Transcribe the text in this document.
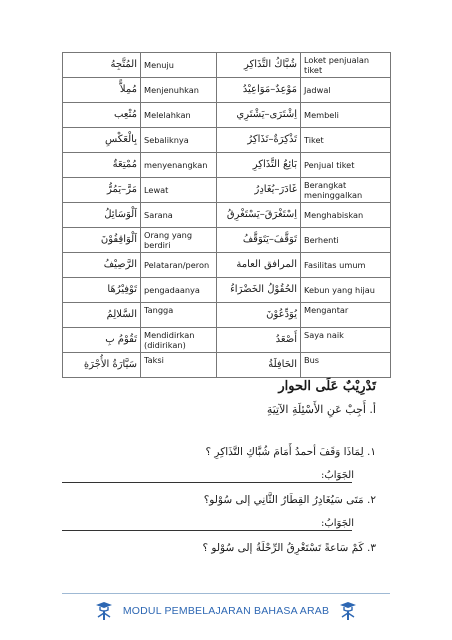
المُتَّجِهُ	Menuju	شُبَّاكُ التَّذَاكِرِ	Loket penjualan tiket
مُمِلاًّ	Menjenuhkan	مَوْعِدٌ–مَوَاعِيْدُ	Jadwal
مُتْعِب	Melelahkan	اِشْتَرَى–يَشْتَرِي	Membeli
بِالْعَكْسِ	Sebaliknya	تَذْكِرَةٌ–تَذَاكِرُ	Tiket
مُمْتِعَةٌ	menyenangkan	بَائِعُ التَّذَاكِرِ	Penjual tiket
مَرَّ–يَمُرُّ	Lewat	غَادَرَ–يُغَادِرُ	Berangkat meninggalkan
اَلْوَسَائِلُ	Sarana	اِسْتَغْرَقَ–يَسْتَغْرِقُ	Menghabiskan
اَلْوَاقِفُوْنَ	Orang yang berdiri	تَوَقَّفَ–يَتَوَقَّفُ	Berhenti
الرَّصِيْفُ	Pelataran/peron	المرافق العامة	Fasilitas umum
تَوْفِيْرُهَا	pengadaanya	الحُقُوْلُ الخَضْرَاءُ	Kebun yang hijau
السَّلالِمُ	Tangga	يُوَدِّعُوْنَ	Mengantar
تَقُوْمُ بِ	Mendidirkan (didirikan)	أَصْعَدُ	Saya naik
سَيَّارَةُ الأُجْرَةِ	Taksi	الحَافِلَةُ	Bus
تَدْرِيْبٌ عَلَى الحوار
أ. أَجِبْ عَنِ الأَسْئِلَةِ الآتِيَةِ
١. لِمَاذَا وَقَفَ أحمدُ أَمَامَ شُبَّاكِ التَّذَاكِرِ ؟
الجَوَابُ:
٢. مَتَى سَيُغَادِرُ القِطَارُ الثَّانِي إلى سُوْلو؟
الجَوَابُ:
٣. كَمْ سَاعةً تَسْتَغْرِقُ الرِّحْلَةُ إلى سُوْلو ؟
MODUL PEMBELAJARAN BAHASA ARAB
